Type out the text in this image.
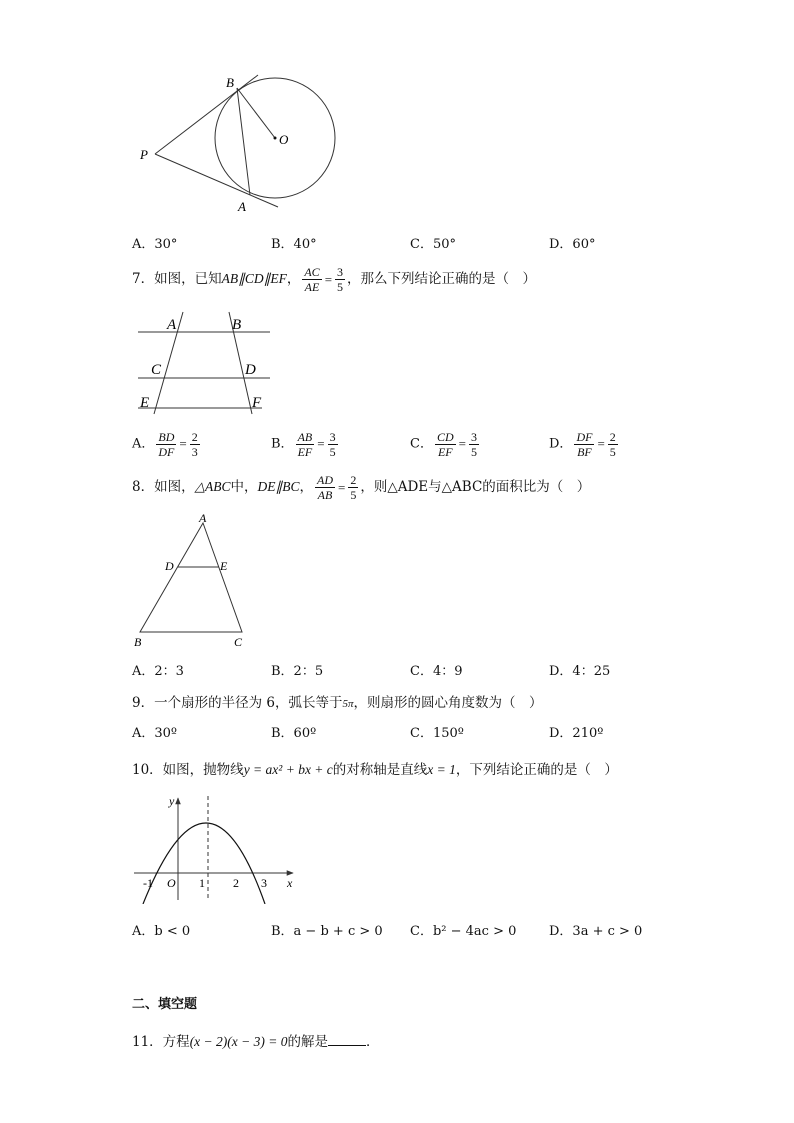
B
O
P
A
A．30°	B．40°	C．50°	D．60°
7．如图，已知AB∥CD∥EF， $\frac{AC}{AE} = \frac{3}{5}$ ，那么下列结论正确的是（　）
A	B
C	D
E	F
A． $\frac{BD}{DF} = \frac{2}{3}$	B． $\frac{AB}{EF} = \frac{3}{5}$	C． $\frac{CD}{EF} = \frac{3}{5}$	D． $\frac{DF}{BF} = \frac{2}{5}$
8．如图，△ABC中，DE∥BC， $\frac{AD}{AB} = \frac{2}{5}$ ，则△ADE与△ABC的面积比为（　）
A
D	E
B	C
A．2：3	B．2：5	C．4：9	D．4：25
9．一个扇形的半径为 6，弧长等于5π，则扇形的圆心角度数为（　）
A．30º	B．60º	C．150º	D．210º
10．如图，抛物线y = ax² + bx + c的对称轴是直线x = 1，下列结论正确的是（　）
y
x
O
-1	1 2 3
A．b < 0	B．a − b + c > 0 C．b² − 4ac > 0	D．3a + c > 0
二、填空题
11．方程(x − 2)(x − 3) = 0的解是	．
